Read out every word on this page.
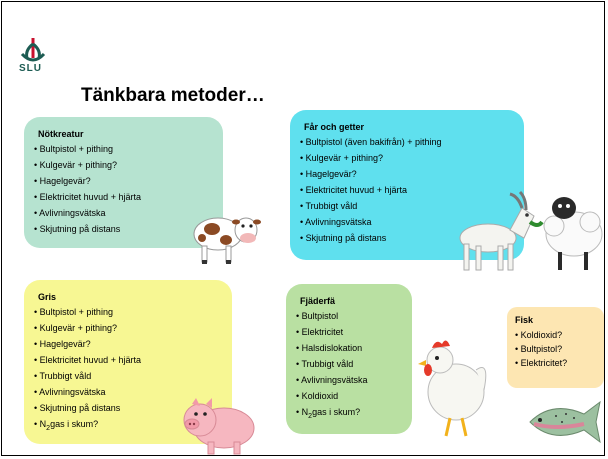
SLU
Tänkbara metoder…
Nötkreatur
• Bultpistol + pithing
• Kulgevär + pithing?
• Hagelgevär?
• Elektricitet huvud + hjärta
• Avlivningsvätska
• Skjutning på distans
Får och getter
• Bultpistol (även bakifrån) + pithing
• Kulgevär + pithing?
• Hagelgevär?
• Elektricitet huvud + hjärta
• Trubbigt våld
• Avlivningsvätska
• Skjutning på distans
Gris
• Bultpistol + pithing
• Kulgevär + pithing?
• Hagelgevär?
• Elektricitet huvud + hjärta
• Trubbigt våld
• Avlivningsvätska
• Skjutning på distans
• $N_2gas$ i skum?
Fjäderfä
• Bultpistol
• Elektricitet
• Halsdislokation
• Trubbigt våld
• Avlivningsvätska
• Koldioxid
• $N_2gas$ i skum?
Fisk
• Koldioxid?
• Bultpistol?
• Elektricitet?
